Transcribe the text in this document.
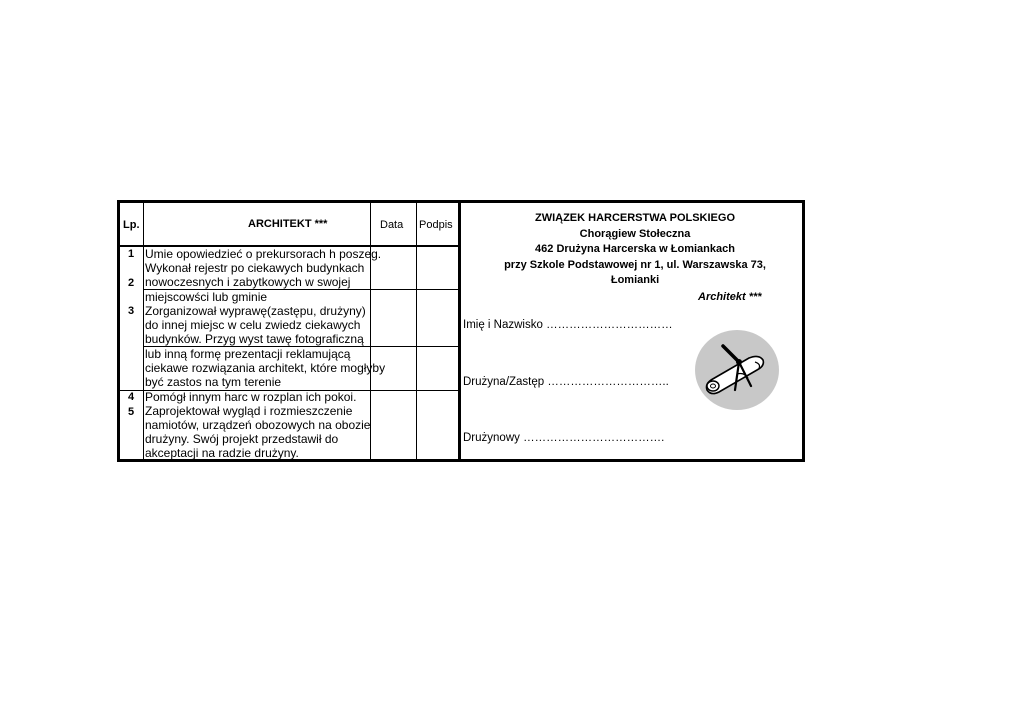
Lp.	ARCHITEKT ***	Data Podpis
1
2
3
4
5
Umie opowiedzieć o prekursorach h poszeg.
Wykonał rejestr po ciekawych budynkach
nowoczesnych i zabytkowych w swojej
miejscowści lub gminie
Zorganizował wyprawę(zastępu, drużyny)
do innej miejsc w celu zwiedz ciekawych
budynków. Przyg wyst tawę fotograficzną
lub inną formę prezentacji reklamującą
ciekawe rozwiązania architekt, które mogłyby
być zastos na tym terenie
Pomógł innym harc w rozplan ich pokoi.
Zaprojektował wygląd i rozmieszczenie
namiotów, urządzeń obozowych na obozie
drużyny. Swój projekt przedstawił do
akceptacji na radzie drużyny.
ZWIĄZEK HARCERSTWA POLSKIEGO
Chorągiew Stołeczna
462 Drużyna Harcerska w Łomiankach
przy Szkole Podstawowej nr 1, ul. Warszawska 73,
Łomianki
Architekt ***
Imię i Nazwisko ……………………………
Drużyna/Zastęp …………………………..
Drużynowy ……………………………….
